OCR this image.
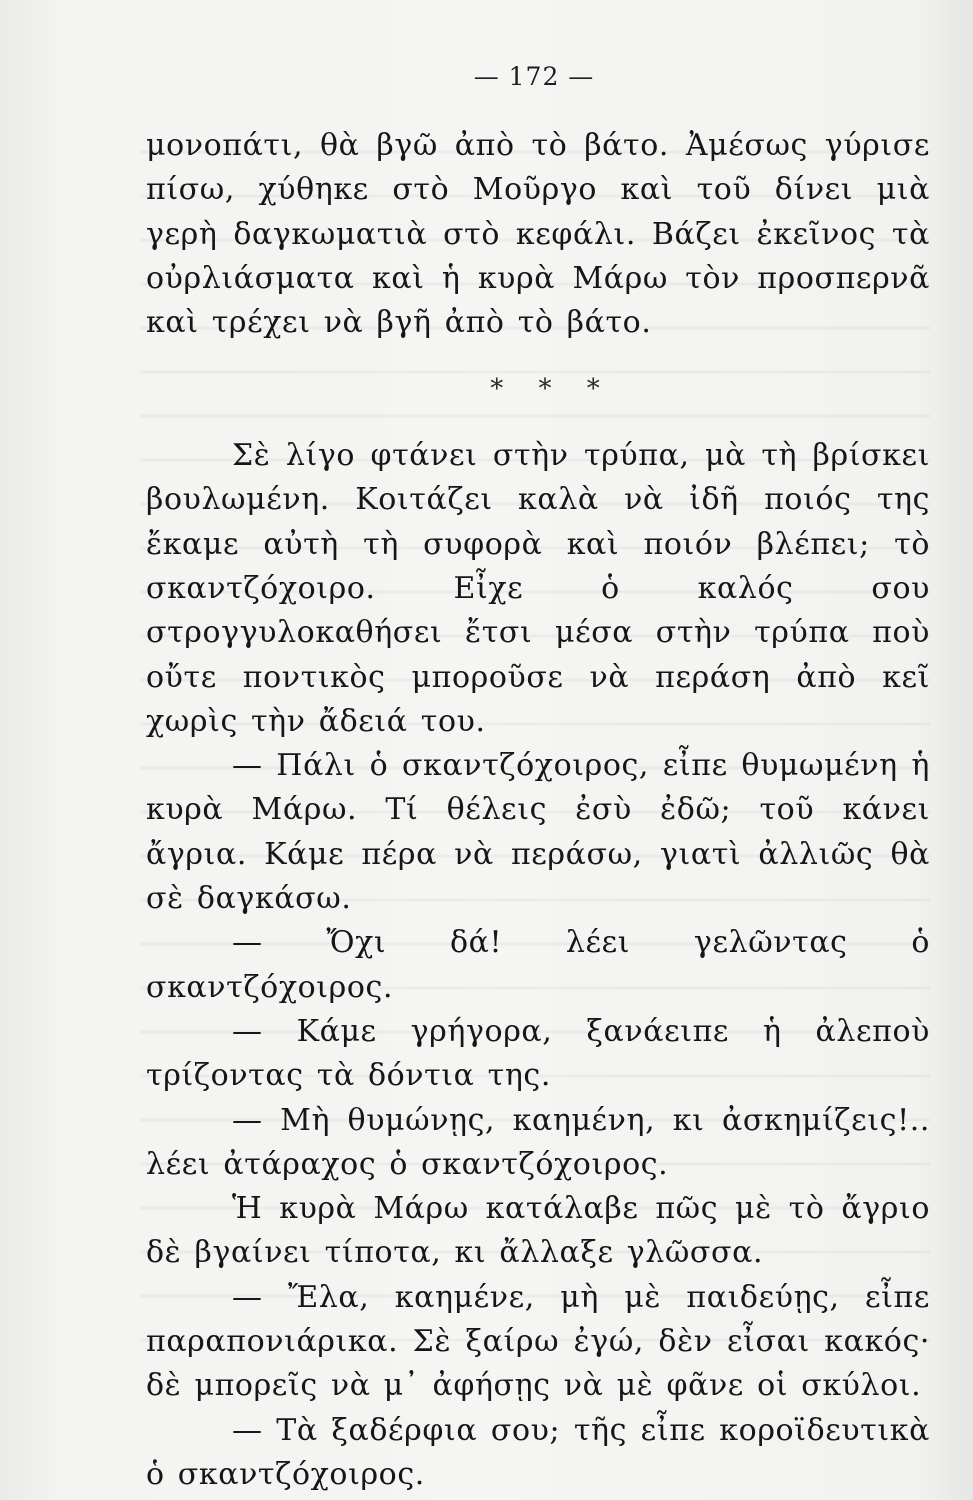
— 172 —

μονοπάτι, θὰ βγῶ ἀπὸ τὸ βάτο. Ἀμέσως γύρισε πίσω, χύθηκε στὸ Μοῦργο καὶ τοῦ δίνει μιὰ γερὴ δαγκωματιὰ στὸ κεφάλι. Βάζει ἐκεῖνος τὰ οὐρλιάσματα καὶ ἡ κυρὰ Μάρω τὸν προσπερνᾶ καὶ τρέχει νὰ βγῆ ἀπὸ τὸ βάτο.

* * *

Σὲ λίγο φτάνει στὴν τρύπα, μὰ τὴ βρίσκει βουλωμένη. Κοιτάζει καλὰ νὰ ἰδῆ ποιός της ἔκαμε αὐτὴ τὴ συφορὰ καὶ ποιόν βλέπει; τὸ σκαντζόχοιρο. Εἶχε ὁ καλός σου στρογγυλοκαθήσει ἔτσι μέσα στὴν τρύπα ποὺ οὔτε ποντικὸς μποροῦσε νὰ περάση ἀπὸ κεῖ χωρὶς τὴν ἄδειά του.

— Πάλι ὁ σκαντζόχοιρος, εἶπε θυμωμένη ἡ κυρὰ Μάρω. Τί θέλεις ἐσὺ ἐδῶ; τοῦ κάνει ἄγρια. Κάμε πέρα νὰ περάσω, γιατὶ ἀλλιῶς θὰ σὲ δαγκάσω.

— Ὄχι δά! λέει γελῶντας ὁ σκαντζόχοιρος.

— Κάμε γρήγορα, ξανάειπε ἡ ἀλεποὺ τρίζοντας τὰ δόντια της.

— Μὴ θυμώνῃς, καημένη, κι ἀσκημίζεις!.. λέει ἀτάραχος ὁ σκαντζόχοιρος.

Ἡ κυρὰ Μάρω κατάλαβε πῶς μὲ τὸ ἄγριο δὲ βγαίνει τίποτα, κι ἄλλαξε γλῶσσα.

— Ἔλα, καημένε, μὴ μὲ παιδεύῃς, εἶπε παραπονιάρικα. Σὲ ξαίρω ἐγώ, δὲν εἶσαι κακός· δὲ μπορεῖς νὰ μ᾿ ἀφήσῃς νὰ μὲ φᾶνε οἱ σκύλοι.

— Τὰ ξαδέρφια σου; τῆς εἶπε κοροϊδευτικὰ ὁ σκαντζόχοιρος.
